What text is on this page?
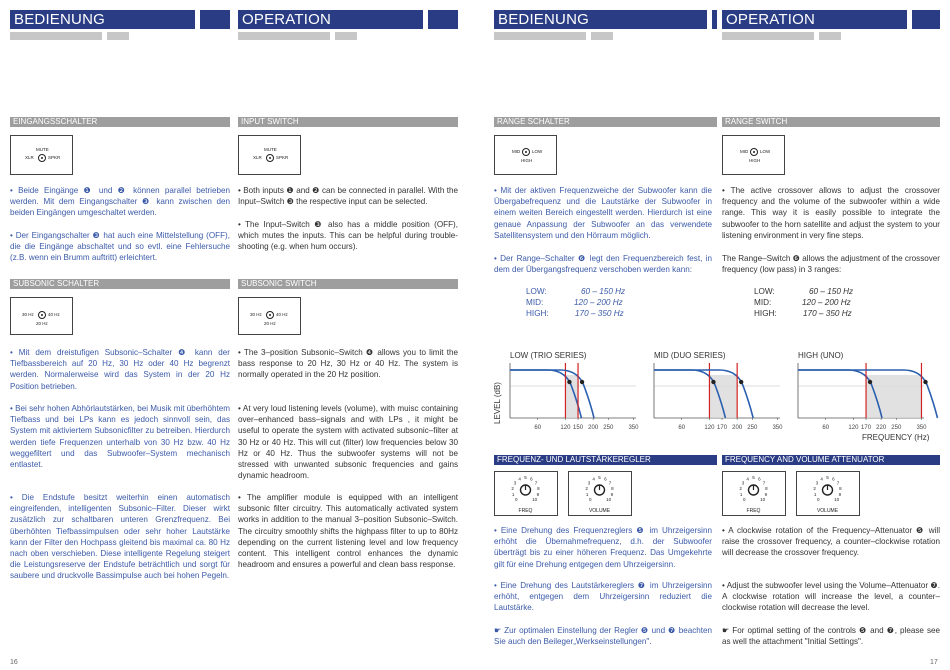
BEDIENUNG	OPERATION	BEDIENUNG	OPERATION
EINGANGSSCHALTER	INPUT SWITCH
MUTE
XLR	SPKR
MUTE
XLR	SPKR
• Beide Eingänge ❶ und ❷ können parallel betrieben werden. Mit dem Eingangschalter ❸ kann zwischen den beiden Eingängen umgeschaltet werden.
• Der Eingangschalter ❸ hat auch eine Mittelstellung (OFF), die die Eingänge abschaltet und so evtl. eine Fehlersuche (z.B. wenn ein Brumm auftritt) erleichtert.
• Both inputs ❶ and ❷ can be connected in parallel. With the Input–Switch ❸ the respective input can be selected.
• The Input–Switch ❸ also has a middle position (OFF), which mutes the inputs. This can be helpful during trouble-shooting (e.g. when hum occurs).
SUBSONIC SCHALTER	SUBSONIC SWITCH
30 Hz	40 Hz
20 Hz
30 Hz	40 Hz
20 Hz
• Mit dem dreistufigen Subsonic–Schalter ❹ kann der Tiefbassbereich auf 20 Hz, 30 Hz oder 40 Hz begrenzt werden. Normalerweise wird das System in der 20 Hz Position betrieben.
• Bei sehr hohen Abhörlautstärken, bei Musik mit überhöhtem Tiefbass und bei LPs kann es jedoch sinnvoll sein, das System mit aktiviertem Subsonicfilter zu betreiben. Hierdurch werden tiefe Frequenzen unterhalb von 30 Hz bzw. 40 Hz weggefiltert und das Subwoofer–System mechanisch entlastet.
• Die Endstufe besitzt weiterhin einen automatisch eingreifenden, intelligenten Subsonic–Filter. Dieser wirkt zusätzlich zur schaltbaren unteren Grenzfrequenz. Bei überhöhten Tiefbassimpulsen oder sehr hoher Lautstärke kann der Filter den Hochpass gleitend bis maximal ca. 80 Hz nach oben verschieben. Diese intelligente Regelung steigert die Leistungsreserve der Endstufe beträchtlich und sorgt für saubere und druckvolle Bassimpulse auch bei hohen Pegeln.
• The 3–position Subsonic–Switch ❹ allows you to limit the bass response to 20 Hz, 30 Hz or 40 Hz. The system is normally operated in the 20 Hz position.
• At very loud listening levels (volume), with muisc containing over–enhanced bass–signals and with LPs , it might be useful to operate the system with activated subsonic–filter at 30 Hz or 40 Hz. This will cut (filter) low frequencies below 30 Hz or 40 Hz. Thus the subwoofer systems will not be stressed with unwanted subsonic frequencies and gains dynamic headroom.
• The amplifier module is equipped with an intelligent subsonic filter circuitry. This automatically activated system works in addition to the manual 3–position Subsonic–Switch. The circuitry smoothly shifts the highpass filter to up to 80Hz depending on the current listening level and low frequency content. This intelligent control enhances the dynamic headroom and ensures a powerful and clean bass response.
16
RANGE SCHALTER	RANGE SWITCH
MID	LOW
HIGH
MID	LOW
HIGH
• Mit der aktiven Frequenzweiche der Subwoofer kann die Übergabefrequenz und die Lautstärke der Subwoofer in einem weiten Bereich eingestellt werden. Hierdurch ist eine genaue Anpassung der Subwoofer an das verwendete Satellitensystem und den Hörraum möglich.
• Der Range–Schalter ❻ legt den Frequenzbereich fest, in dem der Übergangsfrequenz verschoben werden kann:
• The active crossover allows to adjust the crossover frequency and the volume of the subwoofer within a wide range. This way it is easily possible to integrate the subwoofer to the horn satellite and adjust the system to your listening environment in very fine steps.
The Range–Switch ❻ allows the adjustment of the crossover frequency (low pass) in 3 ranges:
LOW:	60 – 150 Hz
MID:	120 – 200 Hz
HIGH:	170 – 350 Hz
LOW:	60 – 150 Hz
MID:	120 – 200 Hz
HIGH:	170 – 350 Hz
LEVEL (dB)
LOW (TRIO SERIES)
60	120 150 200 250	350
MID (DUO SERIES)
60	120 170 200 250	350
HIGH (UNO)
60	120 170 220 250	350
FREQUENCY (Hz)
FREQUENZ- UND LAUTSTÄRKEREGLER	FREQUENCY AND VOLUME ATTENUATOR
0
1
2
3
4 5 6
7
8
9
10
FREQ
0
1
2
3
4 5 6
7
8
9
10
VOLUME
0
1
2
3
4 5 6
7
8
9
10
FREQ
0
1
2
3
4 5 6
7
8
9
10
VOLUME
• Eine Drehung des Frequenzreglers ❺ im Uhrzeigersinn erhöht die Übernahmefrequenz, d.h. der Subwoofer überträgt bis zu einer höheren Frequenz. Das Umgekehrte gilt für eine Drehung entgegen dem Uhrzeigersinn.
• Eine Drehung des Lautstärkereglers ❼ im Uhrzeigersinn erhöht, entgegen dem Uhrzeigersinn reduziert die Lautstärke.
☛ Zur optimalen Einstellung der Regler ❺ und ❼ beachten Sie auch den Beileger„Werkseinstellungen".
• A clockwise rotation of the Frequency–Attenuator ❺ will raise the crossover frequency, a counter–clockwise rotation will decrease the crossover frequency.
• Adjust the subwoofer level using the Volume–Attenuator ❼. A clockwise rotation will increase the level, a counter–clockwise rotation will decrease the level.
☛ For optimal setting of the controls ❺ and ❼, please see as well the attachment "Initial Settings".
17
